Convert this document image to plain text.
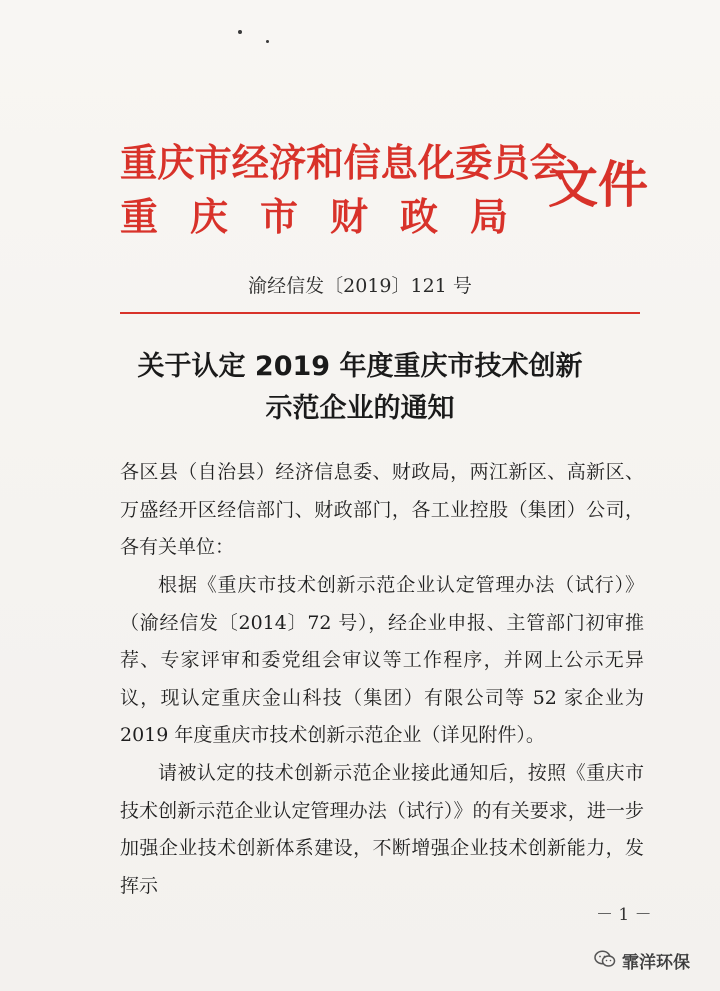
重庆市经济和信息化委员会
重庆市财政局
文件
渝经信发〔2019〕121 号
关于认定 2019 年度重庆市技术创新
示范企业的通知
各区县（自治县）经济信息委、财政局，两江新区、高新区、万盛经开区经信部门、财政部门，各工业控股（集团）公司，各有关单位：
根据《重庆市技术创新示范企业认定管理办法（试行）》（渝经信发〔2014〕72 号），经企业申报、主管部门初审推荐、专家评审和委党组会审议等工作程序，并网上公示无异议，现认定重庆金山科技（集团）有限公司等 52 家企业为 2019 年度重庆市技术创新示范企业（详见附件）。
请被认定的技术创新示范企业接此通知后，按照《重庆市技术创新示范企业认定管理办法（试行）》的有关要求，进一步加强企业技术创新体系建设，不断增强企业技术创新能力，发挥示
－ 1 －
霏洋环保
